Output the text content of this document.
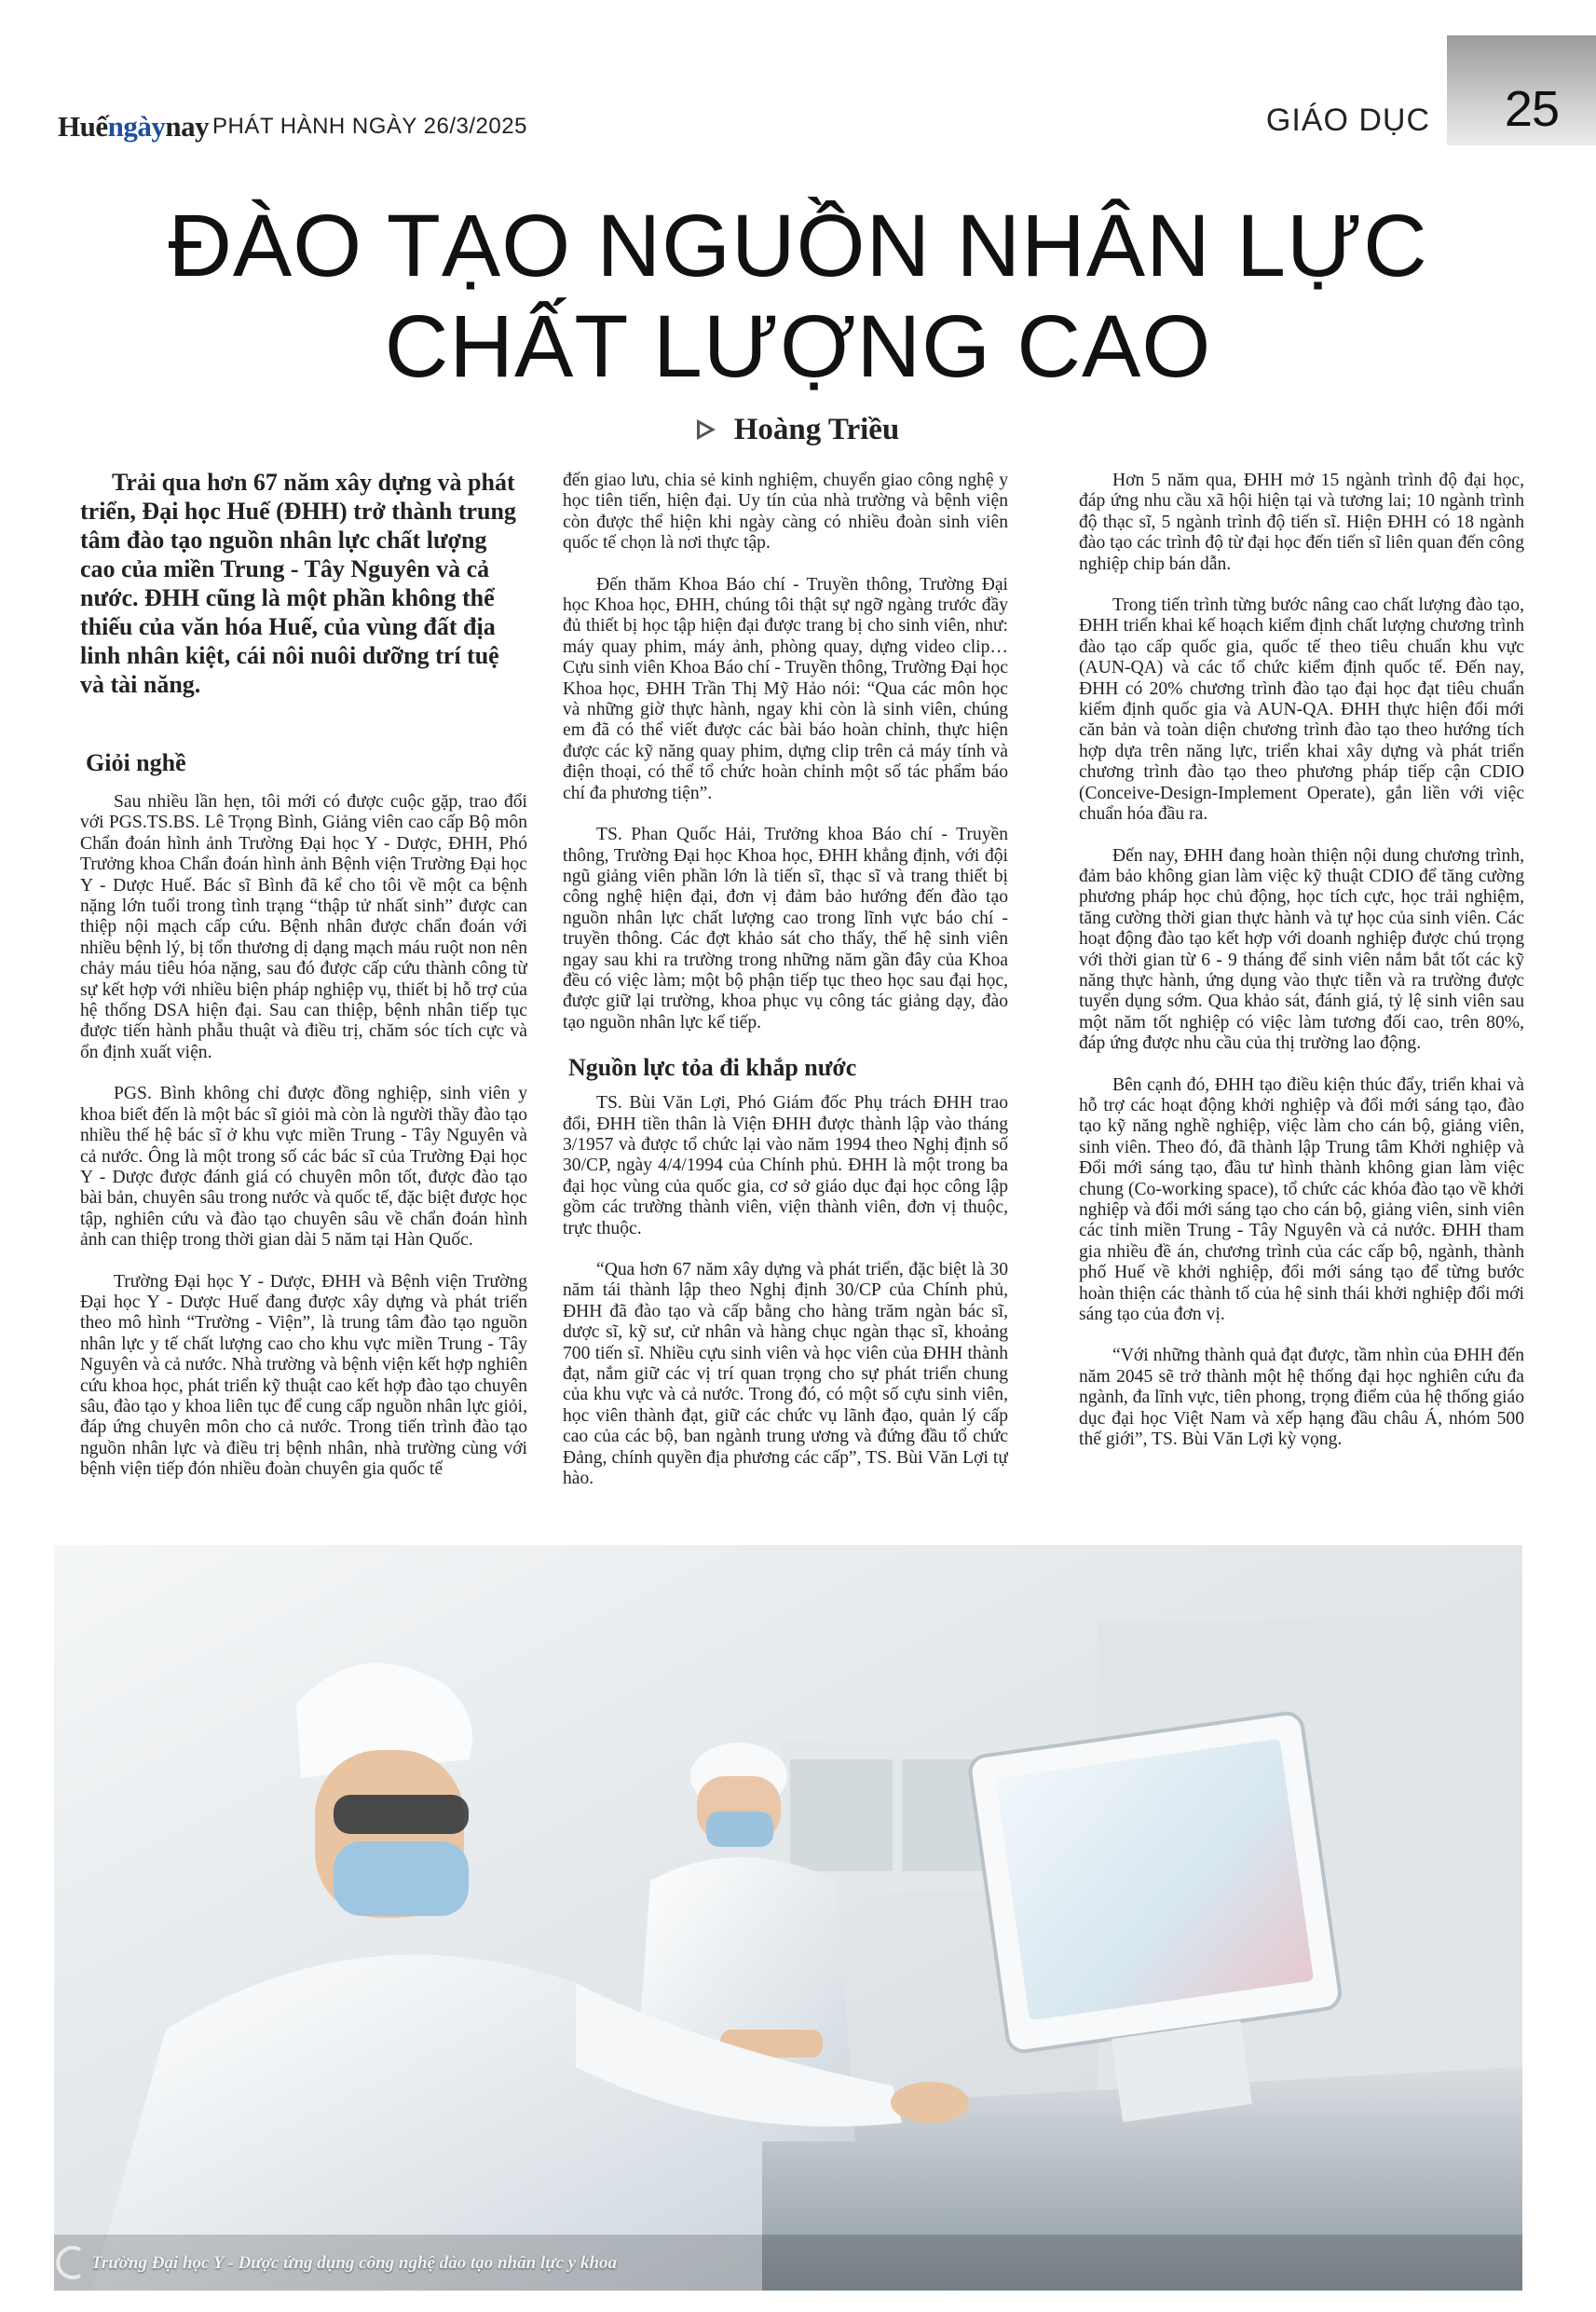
Huếngàynay PHÁT HÀNH NGÀY 26/3/2025	GIÁO DỤC 25
ĐÀO TẠO NGUỒN NHÂN LỰC
CHẤT LƯỢNG CAO
Hoàng Triều

Trải qua hơn 67 năm xây dựng và phát triển, Đại học Huế (ĐHH) trở thành trung tâm đào tạo nguồn nhân lực chất lượng cao của miền Trung - Tây Nguyên và cả nước. ĐHH cũng là một phần không thể thiếu của văn hóa Huế, của vùng đất địa linh nhân kiệt, cái nôi nuôi dưỡng trí tuệ và tài năng.

Giỏi nghề

Sau nhiều lần hẹn, tôi mới có được cuộc gặp, trao đổi với PGS.TS.BS. Lê Trọng Bình, Giảng viên cao cấp Bộ môn Chẩn đoán hình ảnh Trường Đại học Y - Dược, ĐHH, Phó Trưởng khoa Chẩn đoán hình ảnh Bệnh viện Trường Đại học Y - Dược Huế. Bác sĩ Bình đã kể cho tôi về một ca bệnh nặng lớn tuổi trong tình trạng “thập tử nhất sinh” được can thiệp nội mạch cấp cứu. Bệnh nhân được chẩn đoán với nhiều bệnh lý, bị tổn thương dị dạng mạch máu ruột non nên chảy máu tiêu hóa nặng, sau đó được cấp cứu thành công từ sự kết hợp với nhiều biện pháp nghiệp vụ, thiết bị hỗ trợ của hệ thống DSA hiện đại. Sau can thiệp, bệnh nhân tiếp tục được tiến hành phẫu thuật và điều trị, chăm sóc tích cực và ổn định xuất viện.

PGS. Bình không chỉ được đồng nghiệp, sinh viên y khoa biết đến là một bác sĩ giỏi mà còn là người thầy đào tạo nhiều thế hệ bác sĩ ở khu vực miền Trung - Tây Nguyên và cả nước. Ông là một trong số các bác sĩ của Trường Đại học Y - Dược được đánh giá có chuyên môn tốt, được đào tạo bài bản, chuyên sâu trong nước và quốc tế, đặc biệt được học tập, nghiên cứu và đào tạo chuyên sâu về chẩn đoán hình ảnh can thiệp trong thời gian dài 5 năm tại Hàn Quốc.

Trường Đại học Y - Dược, ĐHH và Bệnh viện Trường Đại học Y - Dược Huế đang được xây dựng và phát triển theo mô hình “Trường - Viện”, là trung tâm đào tạo nguồn nhân lực y tế chất lượng cao cho khu vực miền Trung - Tây Nguyên và cả nước. Nhà trường và bệnh viện kết hợp nghiên cứu khoa học, phát triển kỹ thuật cao kết hợp đào tạo chuyên sâu, đào tạo y khoa liên tục để cung cấp nguồn nhân lực giỏi, đáp ứng chuyên môn cho cả nước. Trong tiến trình đào tạo nguồn nhân lực và điều trị bệnh nhân, nhà trường cùng với bệnh viện tiếp đón nhiều đoàn chuyên gia quốc tế

đến giao lưu, chia sẻ kinh nghiệm, chuyển giao công nghệ y học tiên tiến, hiện đại. Uy tín của nhà trường và bệnh viện còn được thể hiện khi ngày càng có nhiều đoàn sinh viên quốc tế chọn là nơi thực tập.

Đến thăm Khoa Báo chí - Truyền thông, Trường Đại học Khoa học, ĐHH, chúng tôi thật sự ngỡ ngàng trước đầy đủ thiết bị học tập hiện đại được trang bị cho sinh viên, như: máy quay phim, máy ảnh, phòng quay, dựng video clip… Cựu sinh viên Khoa Báo chí - Truyền thông, Trường Đại học Khoa học, ĐHH Trần Thị Mỹ Hảo nói: “Qua các môn học và những giờ thực hành, ngay khi còn là sinh viên, chúng em đã có thể viết được các bài báo hoàn chỉnh, thực hiện được các kỹ năng quay phim, dựng clip trên cả máy tính và điện thoại, có thể tổ chức hoàn chỉnh một số tác phẩm báo chí đa phương tiện”.

TS. Phan Quốc Hải, Trưởng khoa Báo chí - Truyền thông, Trường Đại học Khoa học, ĐHH khẳng định, với đội ngũ giảng viên phần lớn là tiến sĩ, thạc sĩ và trang thiết bị công nghệ hiện đại, đơn vị đảm bảo hướng đến đào tạo nguồn nhân lực chất lượng cao trong lĩnh vực báo chí - truyền thông. Các đợt khảo sát cho thấy, thế hệ sinh viên ngay sau khi ra trường trong những năm gần đây của Khoa đều có việc làm; một bộ phận tiếp tục theo học sau đại học, được giữ lại trường, khoa phục vụ công tác giảng dạy, đào tạo nguồn nhân lực kế tiếp.

Nguồn lực tỏa đi khắp nước

TS. Bùi Văn Lợi, Phó Giám đốc Phụ trách ĐHH trao đổi, ĐHH tiền thân là Viện ĐHH được thành lập vào tháng 3/1957 và được tổ chức lại vào năm 1994 theo Nghị định số 30/CP, ngày 4/4/1994 của Chính phủ. ĐHH là một trong ba đại học vùng của quốc gia, cơ sở giáo dục đại học công lập gồm các trường thành viên, viện thành viên, đơn vị thuộc, trực thuộc.

“Qua hơn 67 năm xây dựng và phát triển, đặc biệt là 30 năm tái thành lập theo Nghị định 30/CP của Chính phủ, ĐHH đã đào tạo và cấp bằng cho hàng trăm ngàn bác sĩ, dược sĩ, kỹ sư, cử nhân và hàng chục ngàn thạc sĩ, khoảng 700 tiến sĩ. Nhiều cựu sinh viên và học viên của ĐHH thành đạt, nắm giữ các vị trí quan trọng cho sự phát triển chung của khu vực và cả nước. Trong đó, có một số cựu sinh viên, học viên thành đạt, giữ các chức vụ lãnh đạo, quản lý cấp cao của các bộ, ban ngành trung ương và đứng đầu tổ chức Đảng, chính quyền địa phương các cấp”, TS. Bùi Văn Lợi tự hào.

Hơn 5 năm qua, ĐHH mở 15 ngành trình độ đại học, đáp ứng nhu cầu xã hội hiện tại và tương lai; 10 ngành trình độ thạc sĩ, 5 ngành trình độ tiến sĩ. Hiện ĐHH có 18 ngành đào tạo các trình độ từ đại học đến tiến sĩ liên quan đến công nghiệp chip bán dẫn.

Trong tiến trình từng bước nâng cao chất lượng đào tạo, ĐHH triển khai kế hoạch kiểm định chất lượng chương trình đào tạo cấp quốc gia, quốc tế theo tiêu chuẩn khu vực (AUN-QA) và các tổ chức kiểm định quốc tế. Đến nay, ĐHH có 20% chương trình đào tạo đại học đạt tiêu chuẩn kiểm định quốc gia và AUN-QA. ĐHH thực hiện đổi mới căn bản và toàn diện chương trình đào tạo theo hướng tích hợp dựa trên năng lực, triển khai xây dựng và phát triển chương trình đào tạo theo phương pháp tiếp cận CDIO (Conceive-Design-Implement Operate), gắn liền với việc chuẩn hóa đầu ra.

Đến nay, ĐHH đang hoàn thiện nội dung chương trình, đảm bảo không gian làm việc kỹ thuật CDIO để tăng cường phương pháp học chủ động, học tích cực, học trải nghiệm, tăng cường thời gian thực hành và tự học của sinh viên. Các hoạt động đào tạo kết hợp với doanh nghiệp được chú trọng với thời gian từ 6 - 9 tháng để sinh viên nắm bắt tốt các kỹ năng thực hành, ứng dụng vào thực tiễn và ra trường được tuyển dụng sớm. Qua khảo sát, đánh giá, tỷ lệ sinh viên sau một năm tốt nghiệp có việc làm tương đối cao, trên 80%, đáp ứng được nhu cầu của thị trường lao động.

Bên cạnh đó, ĐHH tạo điều kiện thúc đẩy, triển khai và hỗ trợ các hoạt động khởi nghiệp và đổi mới sáng tạo, đào tạo kỹ năng nghề nghiệp, việc làm cho cán bộ, giảng viên, sinh viên. Theo đó, đã thành lập Trung tâm Khởi nghiệp và Đổi mới sáng tạo, đầu tư hình thành không gian làm việc chung (Co-working space), tổ chức các khóa đào tạo về khởi nghiệp và đổi mới sáng tạo cho cán bộ, giảng viên, sinh viên các tỉnh miền Trung - Tây Nguyên và cả nước. ĐHH tham gia nhiều đề án, chương trình của các cấp bộ, ngành, thành phố Huế về khởi nghiệp, đổi mới sáng tạo để từng bước hoàn thiện các thành tố của hệ sinh thái khởi nghiệp đổi mới sáng tạo của đơn vị.

“Với những thành quả đạt được, tầm nhìn của ĐHH đến năm 2045 sẽ trở thành một hệ thống đại học nghiên cứu đa ngành, đa lĩnh vực, tiên phong, trọng điểm của hệ thống giáo dục đại học Việt Nam và xếp hạng đầu châu Á, nhóm 500 thế giới”, TS. Bùi Văn Lợi kỳ vọng.

Trường Đại học Y - Dược ứng dụng công nghệ đào tạo nhân lực y khoa
